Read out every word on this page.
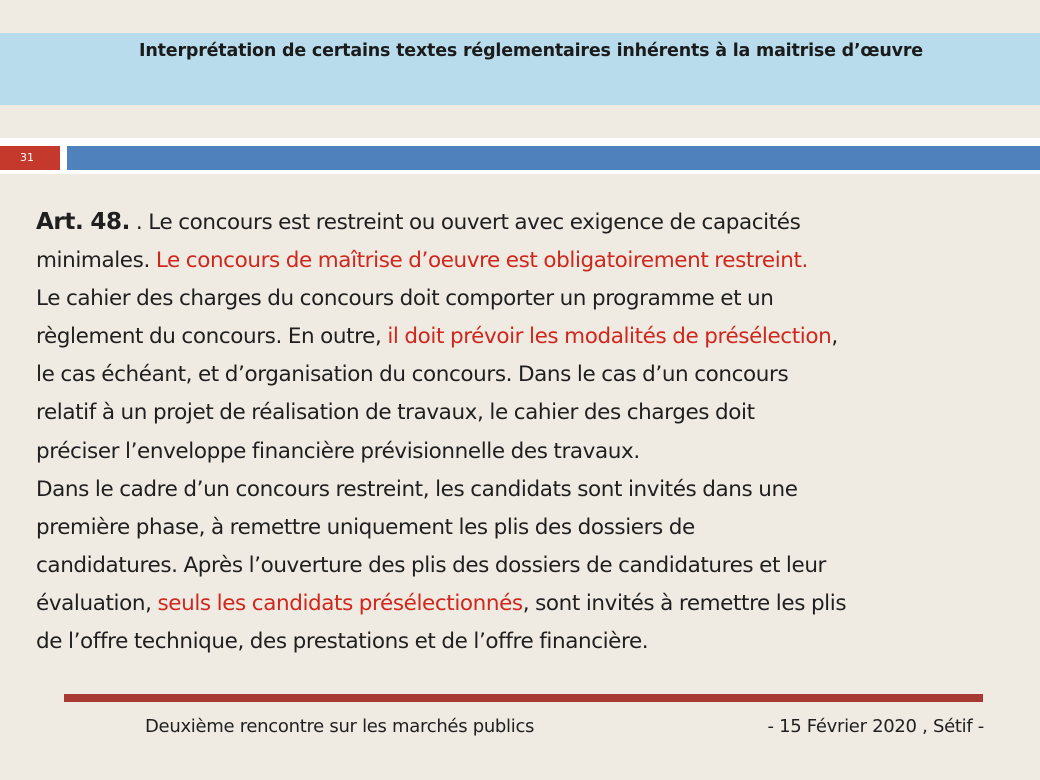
Interprétation de certains textes réglementaires inhérents à la maitrise d’œuvre
31
Art. 48. . Le concours est restreint ou ouvert avec exigence de capacités
minimales. Le concours de maîtrise d’oeuvre est obligatoirement restreint.
Le cahier des charges du concours doit comporter un programme et un
règlement du concours. En outre, il doit prévoir les modalités de présélection,
le cas échéant, et d’organisation du concours. Dans le cas d’un concours
relatif à un projet de réalisation de travaux, le cahier des charges doit
préciser l’enveloppe financière prévisionnelle des travaux.
Dans le cadre d’un concours restreint, les candidats sont invités dans une
première phase, à remettre uniquement les plis des dossiers de
candidatures. Après l’ouverture des plis des dossiers de candidatures et leur
évaluation, seuls les candidats présélectionnés, sont invités à remettre les plis
de l’offre technique, des prestations et de l’offre financière.
Deuxième rencontre sur les marchés publics	- 15 Février 2020 , Sétif -
